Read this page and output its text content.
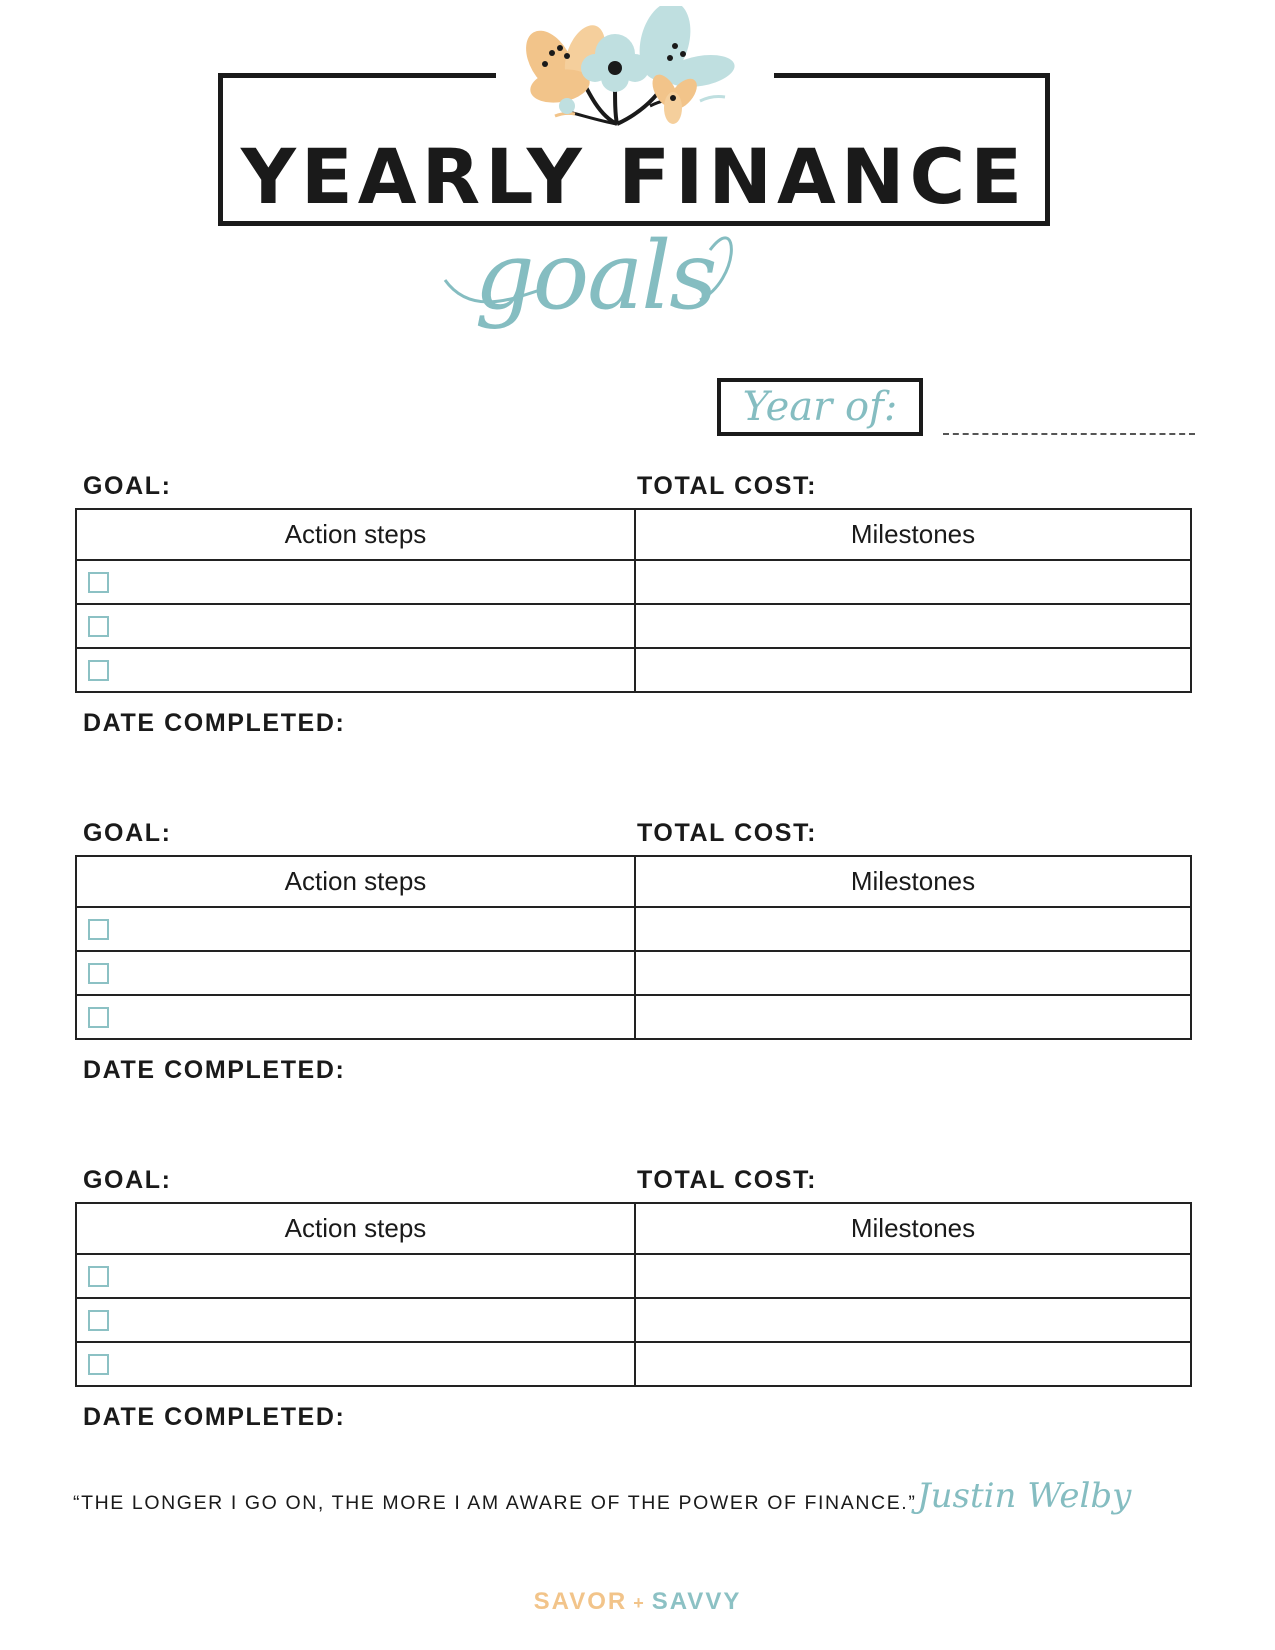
YEARLY FINANCE
goals
Year of:
GOAL:	TOTAL COST:
Action steps	Milestones

DATE COMPLETED:
GOAL:	TOTAL COST:
Action steps	Milestones

DATE COMPLETED:
GOAL:	TOTAL COST:
Action steps	Milestones

DATE COMPLETED:
“THE LONGER I GO ON, THE MORE I AM AWARE OF THE POWER OF FINANCE.” Justin Welby
SAVOR + SAVVY
